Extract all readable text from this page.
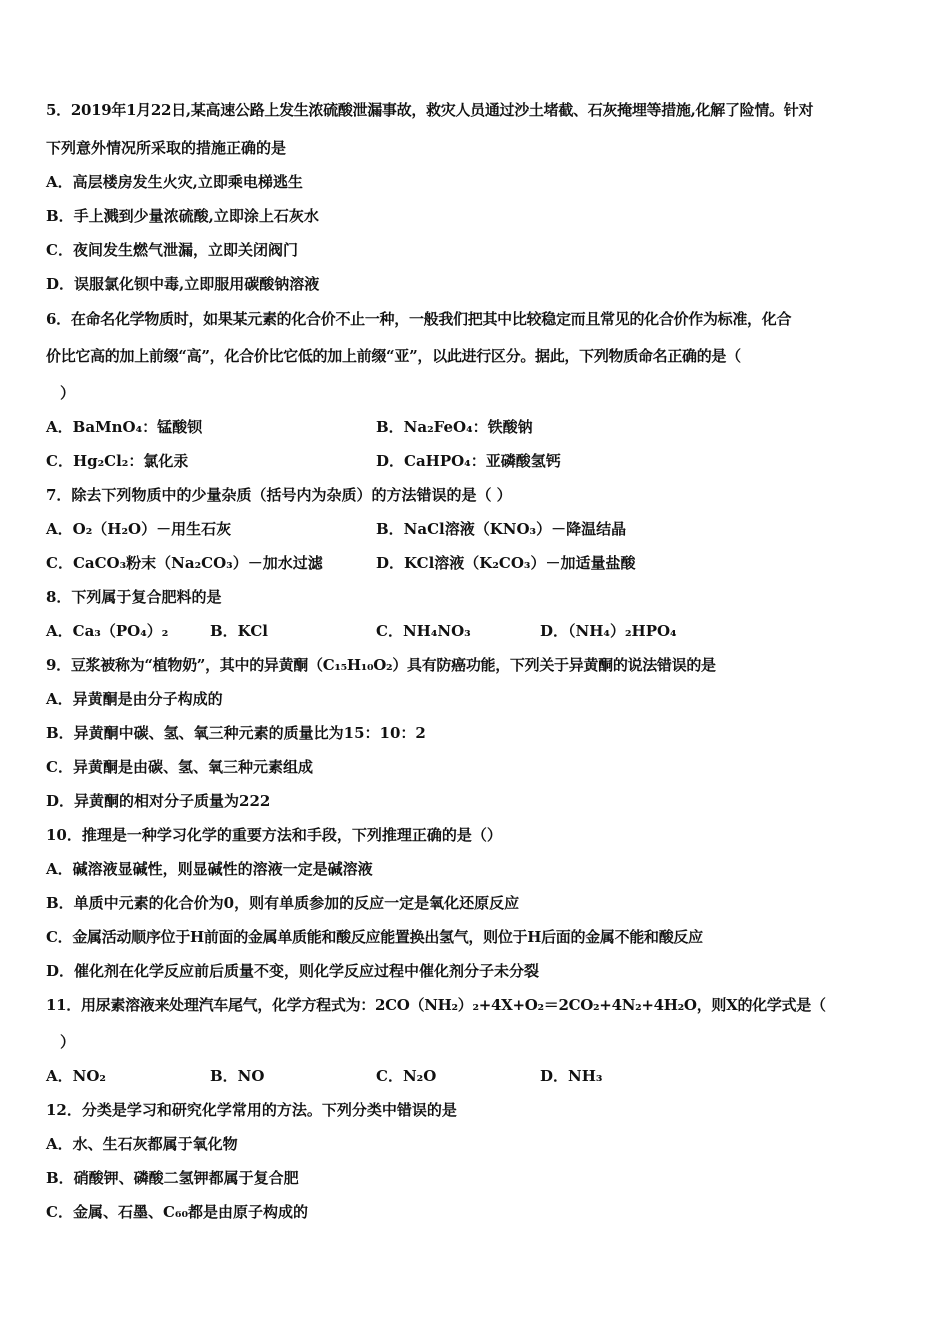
5．2019年1月22日,某高速公路上发生浓硫酸泄漏事故，救灾人员通过沙土堵截、石灰掩埋等措施,化解了险情。针对
下列意外情况所采取的措施正确的是
A．高层楼房发生火灾,立即乘电梯逃生
B．手上溅到少量浓硫酸,立即涂上石灰水
C．夜间发生燃气泄漏，立即关闭阀门
D．误服氯化钡中毒,立即服用碳酸钠溶液
6．在命名化学物质时，如果某元素的化合价不止一种，一般我们把其中比较稳定而且常见的化合价作为标准，化合
价比它高的加上前缀“高”，化合价比它低的加上前缀“亚”，以此进行区分。据此，下列物质命名正确的是（
）
A．BaMnO₄：锰酸钡	B．Na₂FeO₄：铁酸钠
C．Hg₂Cl₂：氯化汞	D．CaHPO₄：亚磷酸氢钙
7．除去下列物质中的少量杂质（括号内为杂质）的方法错误的是（ ）
A．O₂（H₂O）－用生石灰	B．NaCl溶液（KNO₃）－降温结晶
C．CaCO₃粉末（Na₂CO₃）－加水过滤	D．KCl溶液（K₂CO₃）－加适量盐酸
8．下列属于复合肥料的是
A．Ca₃（PO₄）₂	B．KCl	C．NH₄NO₃	D．（NH₄）₂HPO₄
9．豆浆被称为“植物奶”，其中的异黄酮（C₁₅H₁₀O₂）具有防癌功能，下列关于异黄酮的说法错误的是
A．异黄酮是由分子构成的
B．异黄酮中碳、氢、氧三种元素的质量比为15：10：2
C．异黄酮是由碳、氢、氧三种元素组成
D．异黄酮的相对分子质量为222
10．推理是一种学习化学的重要方法和手段，下列推理正确的是（）
A．碱溶液显碱性，则显碱性的溶液一定是碱溶液
B．单质中元素的化合价为0，则有单质参加的反应一定是氧化还原反应
C．金属活动顺序位于H前面的金属单质能和酸反应能置换出氢气，则位于H后面的金属不能和酸反应
D．催化剂在化学反应前后质量不变，则化学反应过程中催化剂分子未分裂
11．用尿素溶液来处理汽车尾气，化学方程式为：2CO（NH₂）₂+4X+O₂＝2CO₂+4N₂+4H₂O，则X的化学式是（
）
A．NO₂	B．NO	C．N₂O	D．NH₃
12．分类是学习和研究化学常用的方法。下列分类中错误的是
A．水、生石灰都属于氧化物
B．硝酸钾、磷酸二氢钾都属于复合肥
C．金属、石墨、C₆₀都是由原子构成的
